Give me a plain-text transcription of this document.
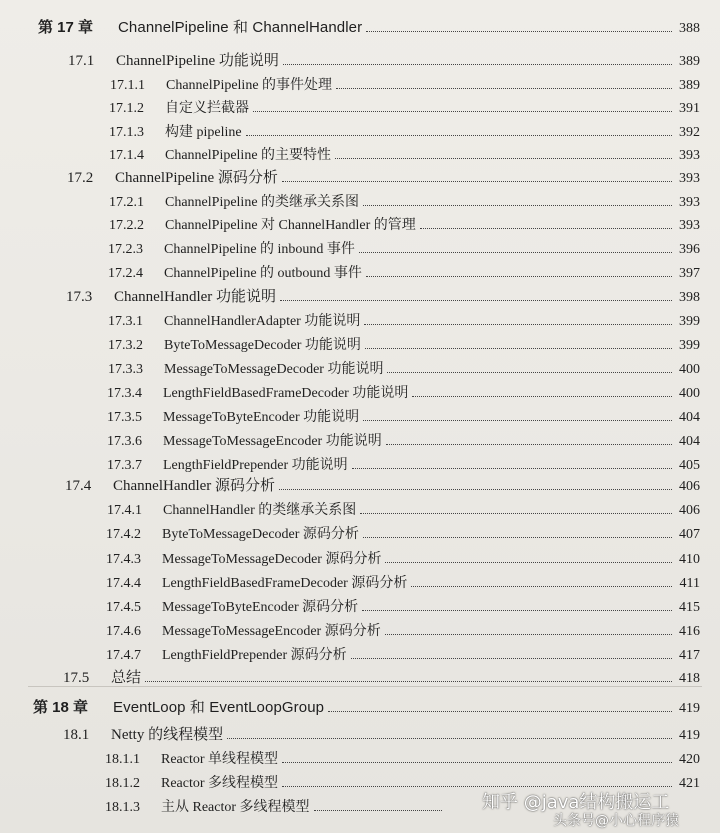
第 17 章	ChannelPipeline 和 ChannelHandler	388
17.1	ChannelPipeline 功能说明	389
17.1.1	ChannelPipeline 的事件处理	389
17.1.2	自定义拦截器	391
17.1.3	构建 pipeline	392
17.1.4	ChannelPipeline 的主要特性	393
17.2	ChannelPipeline 源码分析	393
17.2.1	ChannelPipeline 的类继承关系图	393
17.2.2	ChannelPipeline 对 ChannelHandler 的管理	393
17.2.3	ChannelPipeline 的 inbound 事件	396
17.2.4	ChannelPipeline 的 outbound 事件	397
17.3	ChannelHandler 功能说明	398
17.3.1	ChannelHandlerAdapter 功能说明	399
17.3.2	ByteToMessageDecoder 功能说明	399
17.3.3	MessageToMessageDecoder 功能说明	400
17.3.4	LengthFieldBasedFrameDecoder 功能说明	400
17.3.5	MessageToByteEncoder 功能说明	404
17.3.6	MessageToMessageEncoder 功能说明	404
17.3.7	LengthFieldPrepender 功能说明	405
17.4	ChannelHandler 源码分析	406
17.4.1	ChannelHandler 的类继承关系图	406
17.4.2	ByteToMessageDecoder 源码分析	407
17.4.3	MessageToMessageDecoder 源码分析	410
17.4.4	LengthFieldBasedFrameDecoder 源码分析	411
17.4.5	MessageToByteEncoder 源码分析	415
17.4.6	MessageToMessageEncoder 源码分析	416
17.4.7	LengthFieldPrepender 源码分析	417
17.5	总结	418
第 18 章	EventLoop 和 EventLoopGroup	419
18.1	Netty 的线程模型	419
18.1.1	Reactor 单线程模型	420
18.1.2	Reactor 多线程模型	421
18.1.3	主从 Reactor 多线程模型	知乎 @java结构搬运工
头条号@小心程序猿
